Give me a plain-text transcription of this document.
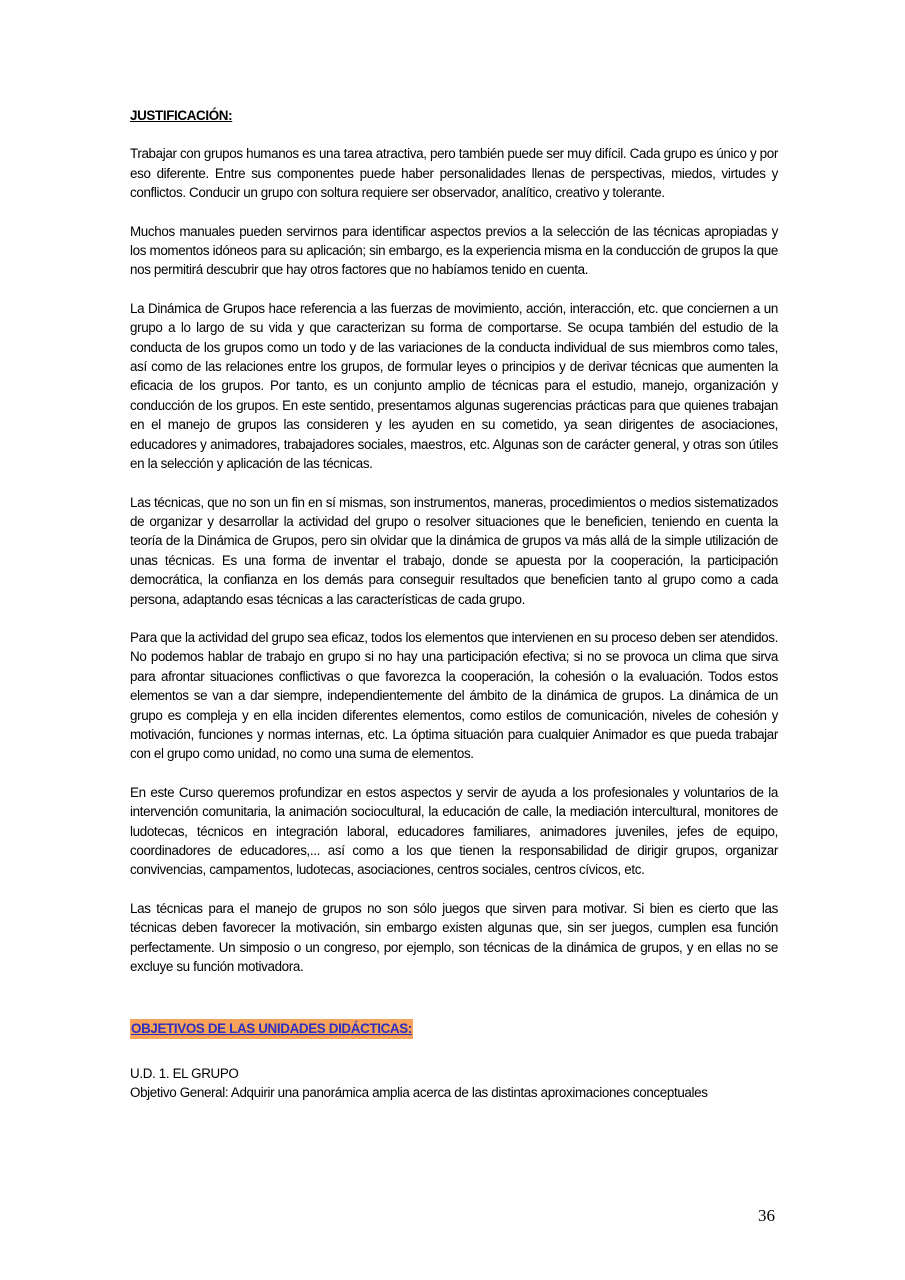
JUSTIFICACIÓN:

Trabajar con grupos humanos es una tarea atractiva, pero también puede ser muy difícil. Cada grupo es único y por eso diferente. Entre sus componentes puede haber personalidades llenas de perspectivas, miedos, virtudes y conflictos. Conducir un grupo con soltura requiere ser observador, analítico, creativo y tolerante.

Muchos manuales pueden servirnos para identificar aspectos previos a la selección de las técnicas apropiadas y los momentos idóneos para su aplicación; sin embargo, es la experiencia misma en la conducción de grupos la que nos permitirá descubrir que hay otros factores que no habíamos tenido en cuenta.

La Dinámica de Grupos hace referencia a las fuerzas de movimiento, acción, interacción, etc. que conciernen a un grupo a lo largo de su vida y que caracterizan su forma de comportarse. Se ocupa también del estudio de la conducta de los grupos como un todo y de las variaciones de la conducta individual de sus miembros como tales, así como de las relaciones entre los grupos, de formular leyes o principios y de derivar técnicas que aumenten la eficacia de los grupos. Por tanto, es un conjunto amplio de técnicas para el estudio, manejo, organización y conducción de los grupos. En este sentido, presentamos algunas sugerencias prácticas para que quienes trabajan en el manejo de grupos las consideren y les ayuden en su cometido, ya sean dirigentes de asociaciones, educadores y animadores, trabajadores sociales, maestros, etc. Algunas son de carácter general, y otras son útiles en la selección y aplicación de las técnicas.

Las técnicas, que no son un fin en sí mismas, son instrumentos, maneras, procedimientos o medios sistematizados de organizar y desarrollar la actividad del grupo o resolver situaciones que le beneficien, teniendo en cuenta la teoría de la Dinámica de Grupos, pero sin olvidar que la dinámica de grupos va más allá de la simple utilización de unas técnicas. Es una forma de inventar el trabajo, donde se apuesta por la cooperación, la participación democrática, la confianza en los demás para conseguir resultados que beneficien tanto al grupo como a cada persona, adaptando esas técnicas a las características de cada grupo.

Para que la actividad del grupo sea eficaz, todos los elementos que intervienen en su proceso deben ser atendidos. No podemos hablar de trabajo en grupo si no hay una participación efectiva; si no se provoca un clima que sirva para afrontar situaciones conflictivas o que favorezca la cooperación, la cohesión o la evaluación. Todos estos elementos se van a dar siempre, independientemente del ámbito de la dinámica de grupos. La dinámica de un grupo es compleja y en ella inciden diferentes elementos, como estilos de comunicación, niveles de cohesión y motivación, funciones y normas internas, etc. La óptima situación para cualquier Animador es que pueda trabajar con el grupo como unidad, no como una suma de elementos.

En este Curso queremos profundizar en estos aspectos y servir de ayuda a los profesionales y voluntarios de la intervención comunitaria, la animación sociocultural, la educación de calle, la mediación intercultural, monitores de ludotecas, técnicos en integración laboral, educadores familiares, animadores juveniles, jefes de equipo, coordinadores de educadores,... así como a los que tienen la responsabilidad de dirigir grupos, organizar convivencias, campamentos, ludotecas, asociaciones, centros sociales, centros cívicos, etc.

Las técnicas para el manejo de grupos no son sólo juegos que sirven para motivar. Si bien es cierto que las técnicas deben favorecer la motivación, sin embargo existen algunas que, sin ser juegos, cumplen esa función perfectamente. Un simposio o un congreso, por ejemplo, son técnicas de la dinámica de grupos, y en ellas no se excluye su función motivadora.

OBJETIVOS DE LAS UNIDADES DIDÁCTICAS:
U.D. 1. EL GRUPO

Objetivo General: Adquirir una panorámica amplia acerca de las distintas aproximaciones conceptuales

36
